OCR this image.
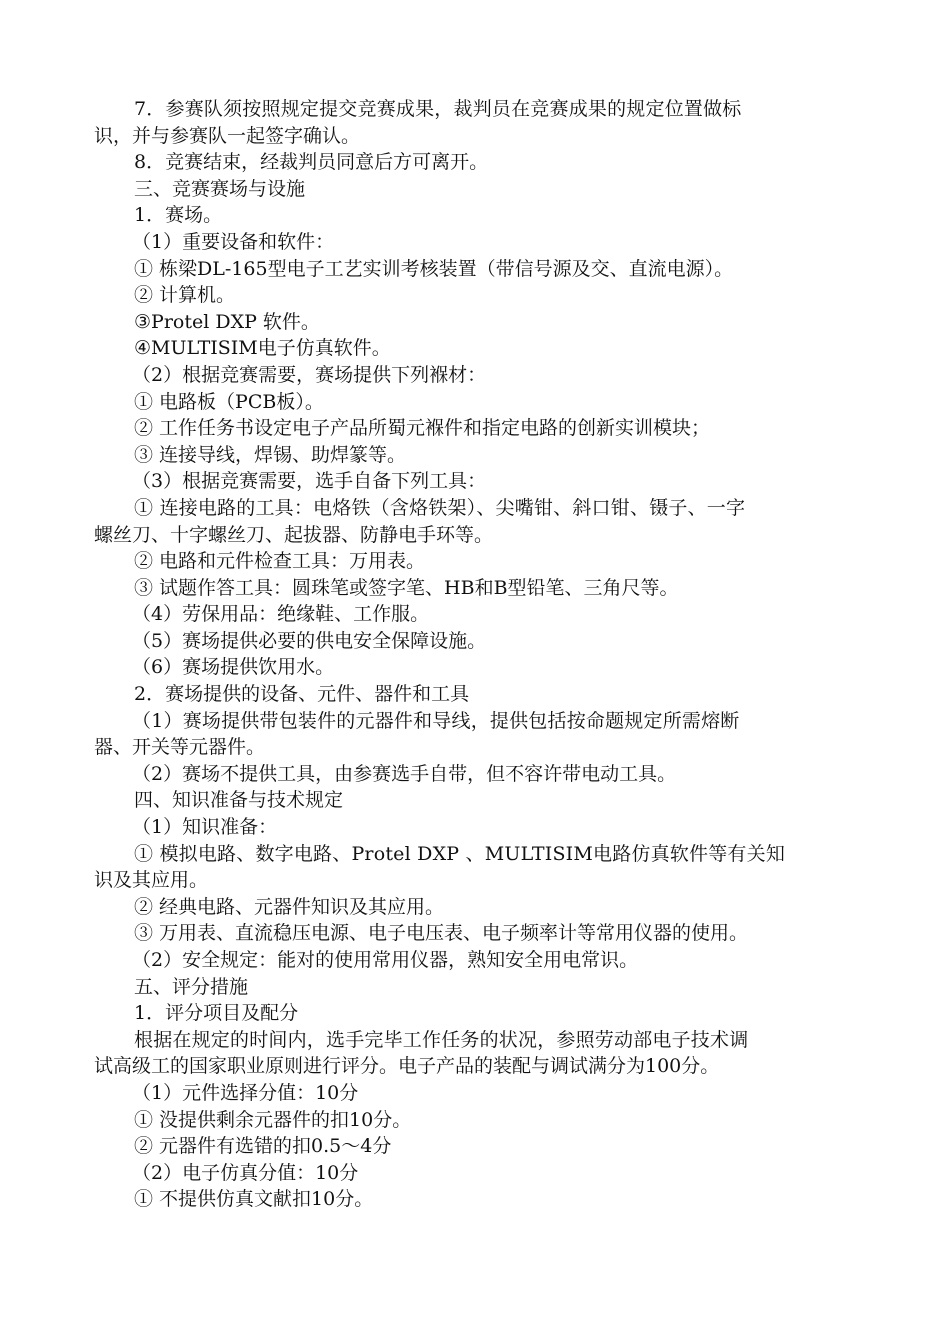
7．参赛队须按照规定提交竞赛成果，裁判员在竞赛成果的规定位置做标
识，并与参赛队一起签字确认。
8．竞赛结束，经裁判员同意后方可离开。
三、竞赛赛场与设施
1．赛场。
（1）重要设备和软件：
① 栋梁DL-165型电子工艺实训考核装置（带信号源及交、直流电源）。
② 计算机。
③Protel DXP 软件。
④MULTISIM电子仿真软件。
（2）根据竞赛需要，赛场提供下列褓材：
① 电路板（PCB板）。
② 工作任务书设定电子产品所蜀元褓件和指定电路的创新实训模块；
③ 连接导线，焊锡、助焊篆等。
（3）根据竞赛需要，选手自备下列工具：
① 连接电路的工具：电烙铁（含烙铁架）、尖嘴钳、斜口钳、镊子、一字
螺丝刀、十字螺丝刀、起拔器、防静电手环等。
② 电路和元件检查工具：万用表。
③ 试题作答工具：圆珠笔或签字笔、HB和B型铅笔、三角尺等。
（4）劳保用品：绝缘鞋、工作服。
（5）赛场提供必要的供电安全保障设施。
（6）赛场提供饮用水。
2．赛场提供的设备、元件、器件和工具
（1）赛场提供带包装件的元器件和导线，提供包括按命题规定所需熔断
器、开关等元器件。
（2）赛场不提供工具，由参赛选手自带，但不容许带电动工具。
四、知识准备与技术规定
（1）知识准备：
① 模拟电路、数字电路、Protel DXP 、MULTISIM电路仿真软件等有关知
识及其应用。
② 经典电路、元器件知识及其应用。
③ 万用表、直流稳压电源、电子电压表、电子频率计等常用仪器的使用。
（2）安全规定：能对的使用常用仪器，熟知安全用电常识。
五、评分措施
1．评分项目及配分
根据在规定的时间内，选手完毕工作任务的状况，参照劳动部电子技术调
试高级工的国家职业原则进行评分。电子产品的装配与调试满分为100分。
（1）元件选择分值：10分
① 没提供剩余元器件的扣10分。
② 元器件有选错的扣0.5～4分
（2）电子仿真分值：10分
① 不提供仿真文献扣10分。
